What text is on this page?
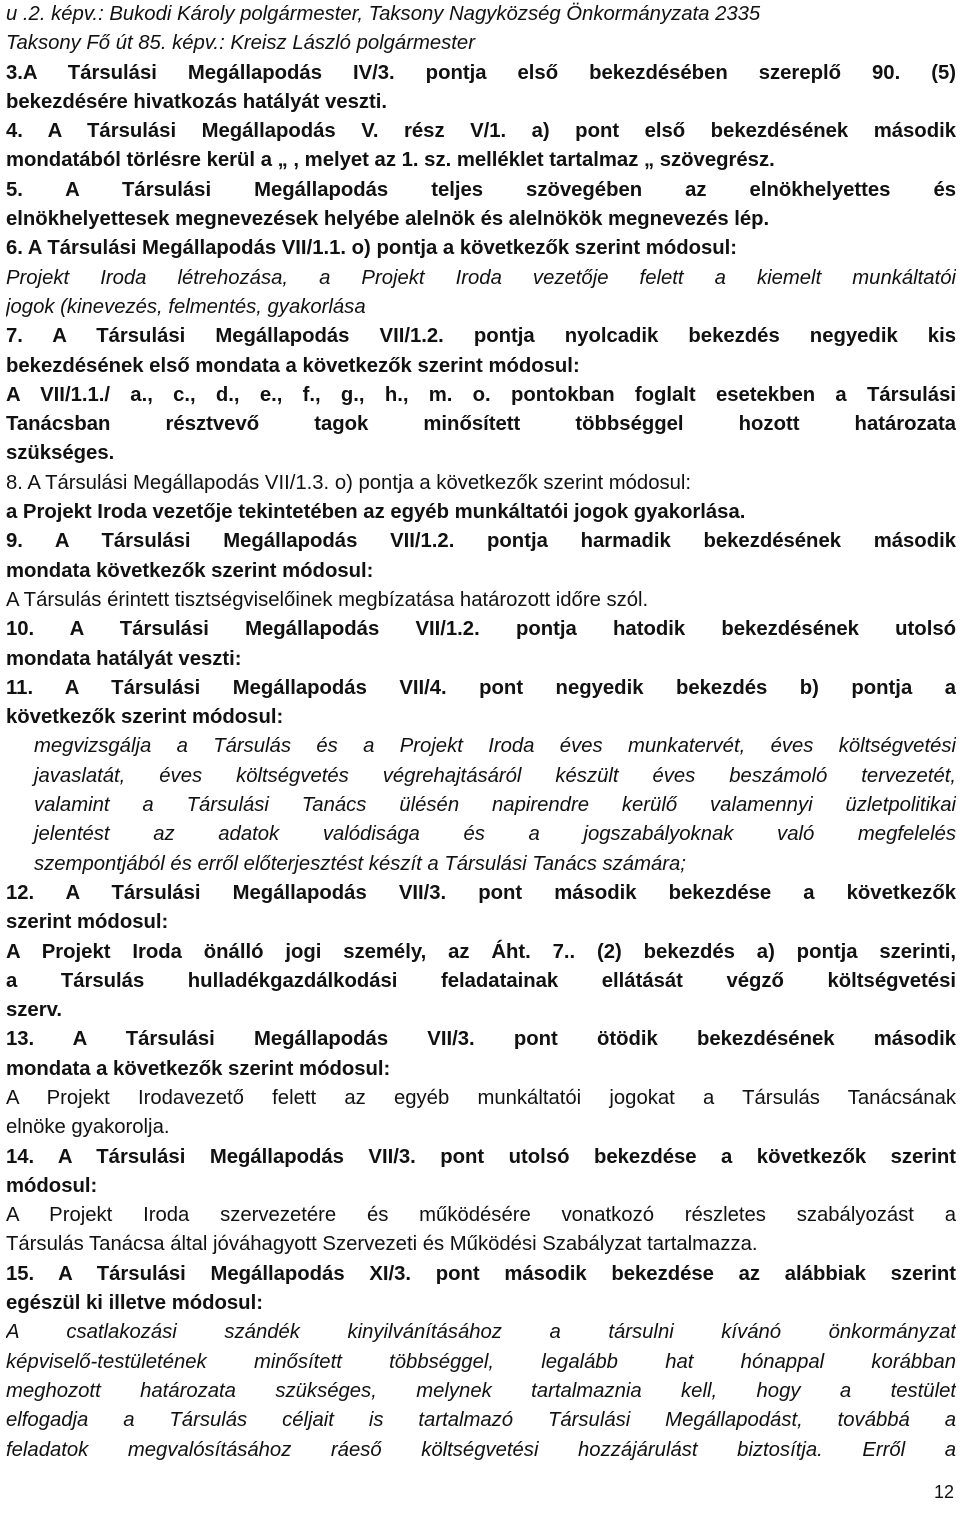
u .2. képv.: Bukodi Károly polgármester, Taksony Nagyközség Önkormányzata 2335
Taksony Fő út 85. képv.: Kreisz László polgármester
3.A Társulási Megállapodás IV/3. pontja első bekezdésében szereplő 90. (5)
bekezdésére hivatkozás hatályát veszti.
4. A Társulási Megállapodás V. rész V/1. a) pont első bekezdésének második
mondatából törlésre kerül a „ , melyet az 1. sz. melléklet tartalmaz „ szövegrész.
5. A Társulási Megállapodás teljes szövegében az elnökhelyettes és
elnökhelyettesek megnevezések helyébe alelnök és alelnökök megnevezés lép.
6. A Társulási Megállapodás VII/1.1. o) pontja a következők szerint módosul:
Projekt Iroda létrehozása, a Projekt Iroda vezetője felett a kiemelt munkáltatói
jogok (kinevezés, felmentés, gyakorlása
7. A Társulási Megállapodás VII/1.2. pontja nyolcadik bekezdés negyedik kis
bekezdésének első mondata a következők szerint módosul:
A VII/1.1./ a., c., d., e., f., g., h., m. o. pontokban foglalt esetekben a Társulási
Tanácsban résztvevő tagok minősített többséggel hozott határozata
szükséges.
8. A Társulási Megállapodás VII/1.3. o) pontja a következők szerint módosul:
a Projekt Iroda vezetője tekintetében az egyéb munkáltatói jogok gyakorlása.
9. A Társulási Megállapodás VII/1.2. pontja harmadik bekezdésének második
mondata következők szerint módosul:
A Társulás érintett tisztségviselőinek megbízatása határozott időre szól.
10. A Társulási Megállapodás VII/1.2. pontja hatodik bekezdésének utolsó
mondata hatályát veszti:
11. A Társulási Megállapodás VII/4. pont negyedik bekezdés b) pontja a
következők szerint módosul:
megvizsgálja a Társulás és a Projekt Iroda éves munkatervét, éves költségvetési
javaslatát, éves költségvetés végrehajtásáról készült éves beszámoló tervezetét,
valamint a Társulási Tanács ülésén napirendre kerülő valamennyi üzletpolitikai
jelentést az adatok valódisága és a jogszabályoknak való megfelelés
szempontjából és erről előterjesztést készít a Társulási Tanács számára;
12. A Társulási Megállapodás VII/3. pont második bekezdése a következők
szerint módosul:
A Projekt Iroda önálló jogi személy, az Áht. 7.. (2) bekezdés a) pontja szerinti,
a Társulás hulladékgazdálkodási feladatainak ellátását végző költségvetési
szerv.
13. A Társulási Megállapodás VII/3. pont ötödik bekezdésének második
mondata a következők szerint módosul:
A Projekt Irodavezető felett az egyéb munkáltatói jogokat a Társulás Tanácsának
elnöke gyakorolja.
14. A Társulási Megállapodás VII/3. pont utolsó bekezdése a következők szerint
módosul:
A Projekt Iroda szervezetére és működésére vonatkozó részletes szabályozást a
Társulás Tanácsa által jóváhagyott Szervezeti és Működési Szabályzat tartalmazza.
15. A Társulási Megállapodás XI/3. pont második bekezdése az alábbiak szerint
egészül ki illetve módosul:
A csatlakozási szándék kinyilvánításához a társulni kívánó önkormányzat
képviselő-testületének minősített többséggel, legalább hat hónappal korábban
meghozott határozata szükséges, melynek tartalmaznia kell, hogy a testület
elfogadja a Társulás céljait is tartalmazó Társulási Megállapodást, továbbá a
feladatok megvalósításához ráeső költségvetési hozzájárulást biztosítja. Erről a
12
